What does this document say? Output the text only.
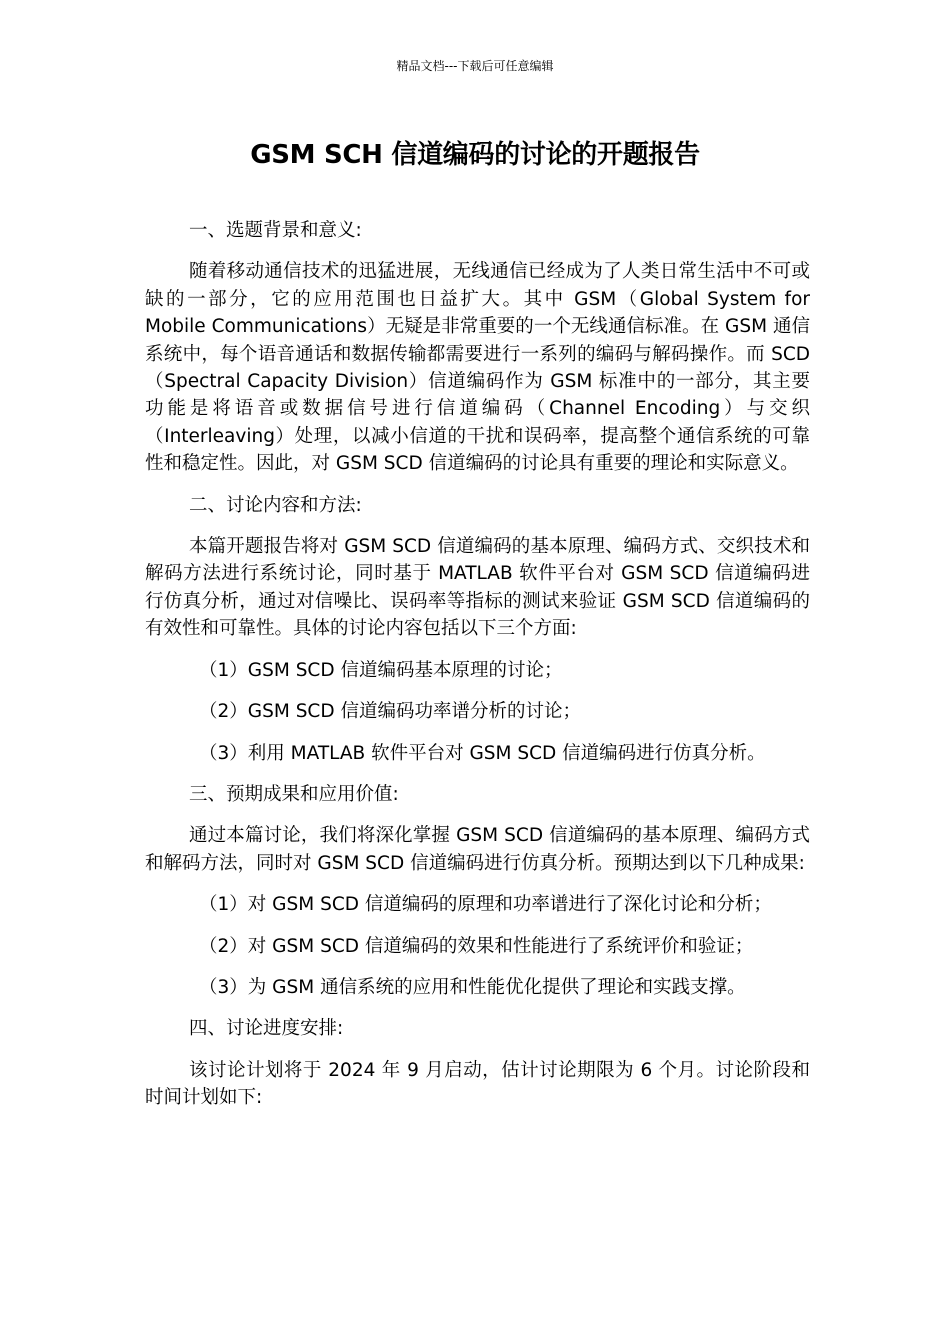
精品文档---下载后可任意编辑
GSM SCH 信道编码的讨论的开题报告

一、选题背景和意义:

随着移动通信技术的迅猛进展，无线通信已经成为了人类日常生活中不可或缺的一部分，它的应用范围也日益扩大。其中 GSM（Global System for Mobile Communications）无疑是非常重要的一个无线通信标准。在 GSM 通信系统中，每个语音通话和数据传输都需要进行一系列的编码与解码操作。而 SCD（Spectral Capacity Division）信道编码作为 GSM 标准中的一部分，其主要功能是将语音或数据信号进行信道编码（Channel Encoding）与交织（Interleaving）处理，以减小信道的干扰和误码率，提高整个通信系统的可靠性和稳定性。因此，对 GSM SCD 信道编码的讨论具有重要的理论和实际意义。

二、讨论内容和方法:

本篇开题报告将对 GSM SCD 信道编码的基本原理、编码方式、交织技术和解码方法进行系统讨论，同时基于 MATLAB 软件平台对 GSM SCD 信道编码进行仿真分析，通过对信噪比、误码率等指标的测试来验证 GSM SCD 信道编码的有效性和可靠性。具体的讨论内容包括以下三个方面:

（1）GSM SCD 信道编码基本原理的讨论；

（2）GSM SCD 信道编码功率谱分析的讨论；

（3）利用 MATLAB 软件平台对 GSM SCD 信道编码进行仿真分析。

三、预期成果和应用价值:

通过本篇讨论，我们将深化掌握 GSM SCD 信道编码的基本原理、编码方式和解码方法，同时对 GSM SCD 信道编码进行仿真分析。预期达到以下几种成果:

（1）对 GSM SCD 信道编码的原理和功率谱进行了深化讨论和分析；

（2）对 GSM SCD 信道编码的效果和性能进行了系统评价和验证；

（3）为 GSM 通信系统的应用和性能优化提供了理论和实践支撑。

四、讨论进度安排:

该讨论计划将于 2024 年 9 月启动，估计讨论期限为 6 个月。讨论阶段和时间计划如下:
